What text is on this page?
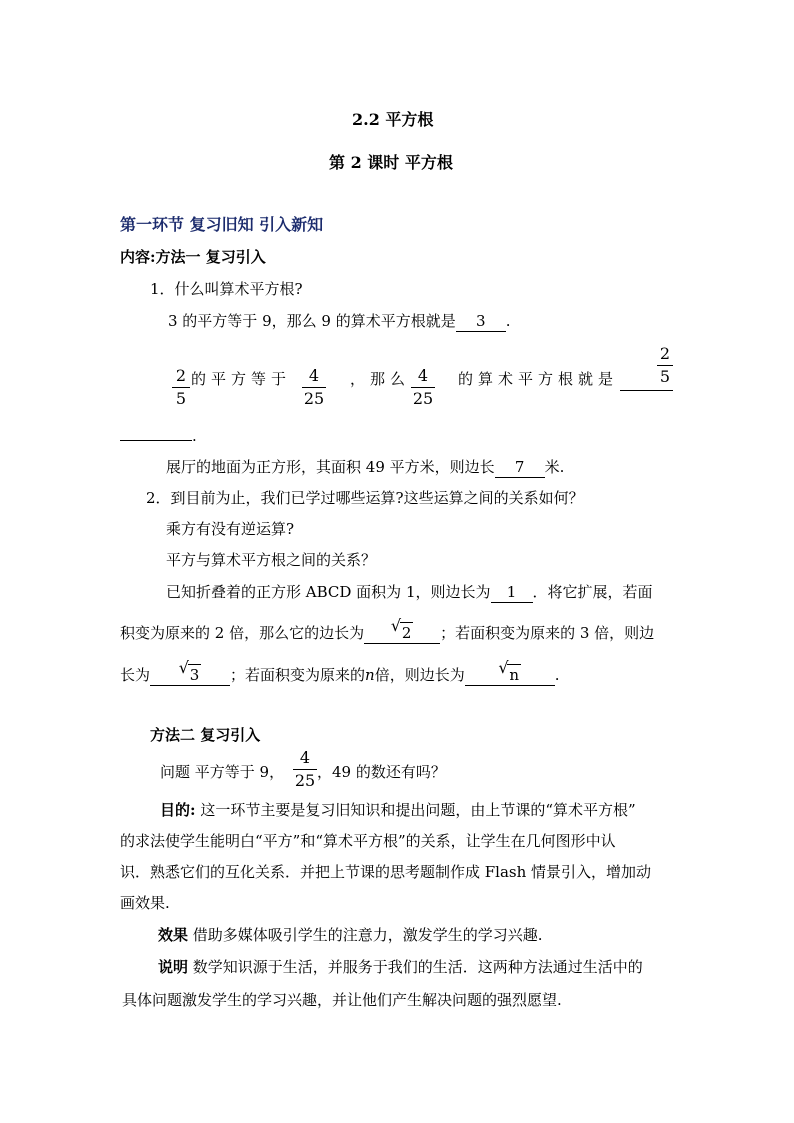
2.2 平方根
第 2 课时 平方根
第一环节 复习旧知 引入新知
内容:方法一 复习引入
1．什么叫算术平方根?
3 的平方等于 9，那么 9 的算术平方根就是 3 .
2
5
的平方等于	4
25
，那么 4
25
的算术平方根就是
2
5
.
展厅的地面为正方形，其面积 49 平方米，则边长 7 米.
2．到目前为止，我们已学过哪些运算?这些运算之间的关系如何？
乘方有没有逆运算?
平方与算术平方根之间的关系？
已知折叠着的正方形 ABCD 面积为 1，则边长为 1 ．将它扩展，若面
积变为原来的 2 倍，那么它的边长为 √ 2 ；若面积变为原来的 3 倍，则边
长为 √ 3 ；若面积变为原来的n倍，则边长为 √ n .
方法二 复习引入
问题 平方等于 9，
4
25 ，49 的数还有吗？
目的: 这一环节主要是复习旧知识和提出问题，由上节课的“算术平方根”
的求法使学生能明白“平方”和“算术平方根”的关系，让学生在几何图形中认
识．熟悉它们的互化关系．并把上节课的思考题制作成 Flash 情景引入，增加动
画效果.
效果 借助多媒体吸引学生的注意力，激发学生的学习兴趣.
说明 数学知识源于生活，并服务于我们的生活．这两种方法通过生活中的
具体问题激发学生的学习兴趣，并让他们产生解决问题的强烈愿望.
